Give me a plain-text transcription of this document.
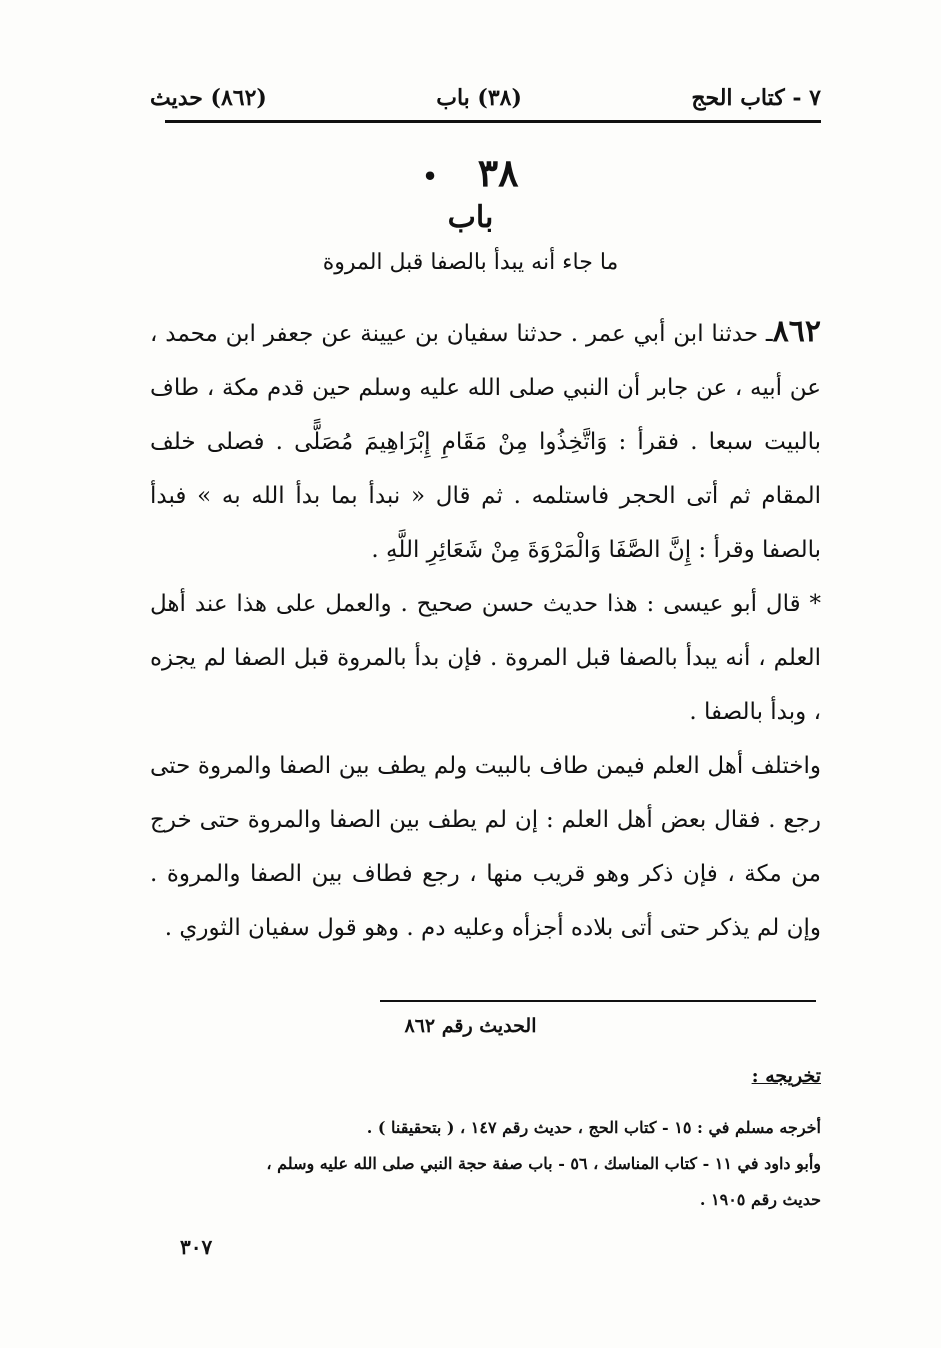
٧ - كتاب الحج
(٣٨) باب
(٨٦٢) حديث
٣٨•
باب
ما جاء أنه يبدأ بالصفا قبل المروة

٨٦٢ـ حدثنا ابن أبي عمر . حدثنا سفيان بن عيينة عن جعفر ابن محمد ، عن أبيه ، عن جابر أن النبي صلى الله عليه وسلم حين قدم مكة ، طاف بالبيت سبعا . فقرأ : وَاتَّخِذُوا مِنْ مَقَامِ إِبْرَاهِيمَ مُصَلًّى . فصلى خلف المقام ثم أتى الحجر فاستلمه . ثم قال « نبدأ بما بدأ الله به » فبدأ بالصفا وقرأ : إِنَّ الصَّفَا وَالْمَرْوَةَ مِنْ شَعَائِرِ اللَّهِ .

* قال أبو عيسى : هذا حديث حسن صحيح . والعمل على هذا عند أهل العلم ، أنه يبدأ بالصفا قبل المروة . فإن بدأ بالمروة قبل الصفا لم يجزه ، وبدأ بالصفا .

واختلف أهل العلم فيمن طاف بالبيت ولم يطف بين الصفا والمروة حتى رجع . فقال بعض أهل العلم : إن لم يطف بين الصفا والمروة حتى خرج من مكة ، فإن ذكر وهو قريب منها ، رجع فطاف بين الصفا والمروة . وإن لم يذكر حتى أتى بلاده أجزأه وعليه دم . وهو قول سفيان الثوري .

الحديث رقم ٨٦٢
تخريجه :

أخرجه مسلم في : ١٥ - كتاب الحج ، حديث رقم ١٤٧ ، ( بتحقيقنا ) .

وأبو داود في ١١ - كتاب المناسك ، ٥٦ - باب صفة حجة النبي صلى الله عليه وسلم ،

حديث رقم ١٩٠٥ .

٣٠٧
